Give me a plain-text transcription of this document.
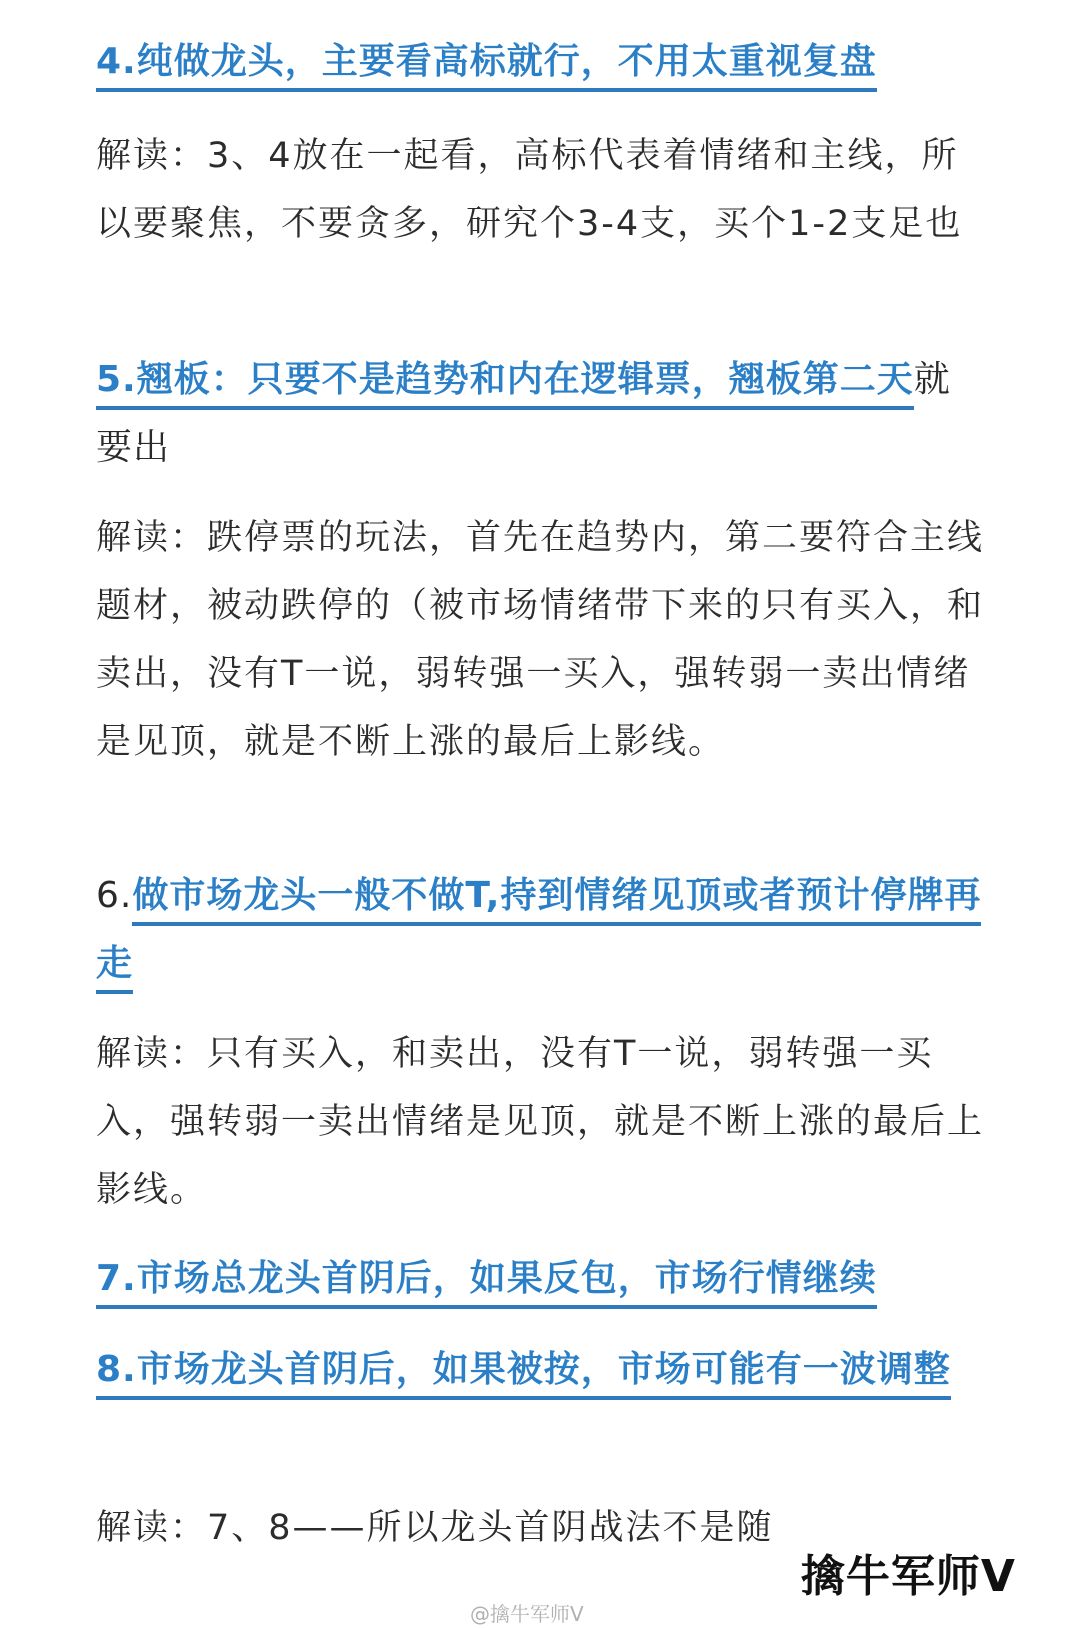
4.纯做龙头，主要看高标就行，不用太重视复盘

解读：3、4放在一起看，高标代表着情绪和主线，所以要聚焦，不要贪多，研究个3-4支，买个1-2支足也

5.翘板：只要不是趋势和内在逻辑票，翘板第二天就要出

解读：跌停票的玩法，首先在趋势内，第二要符合主线题材，被动跌停的（被市场情绪带下来的只有买入，和卖出，没有T一说，弱转强一买入，强转弱一卖出情绪是见顶，就是不断上涨的最后上影线。

6.做市场龙头一般不做T,持到情绪见顶或者预计停牌再走

解读：只有买入，和卖出，没有T一说，弱转强一买入，强转弱一卖出情绪是见顶，就是不断上涨的最后上影线。

7.市场总龙头首阴后，如果反包，市场行情继续
8.市场龙头首阴后，如果被按，市场可能有一波调整

解读：7、8——所以龙头首阴战法不是随

@擒牛军师V
擒牛军师V
